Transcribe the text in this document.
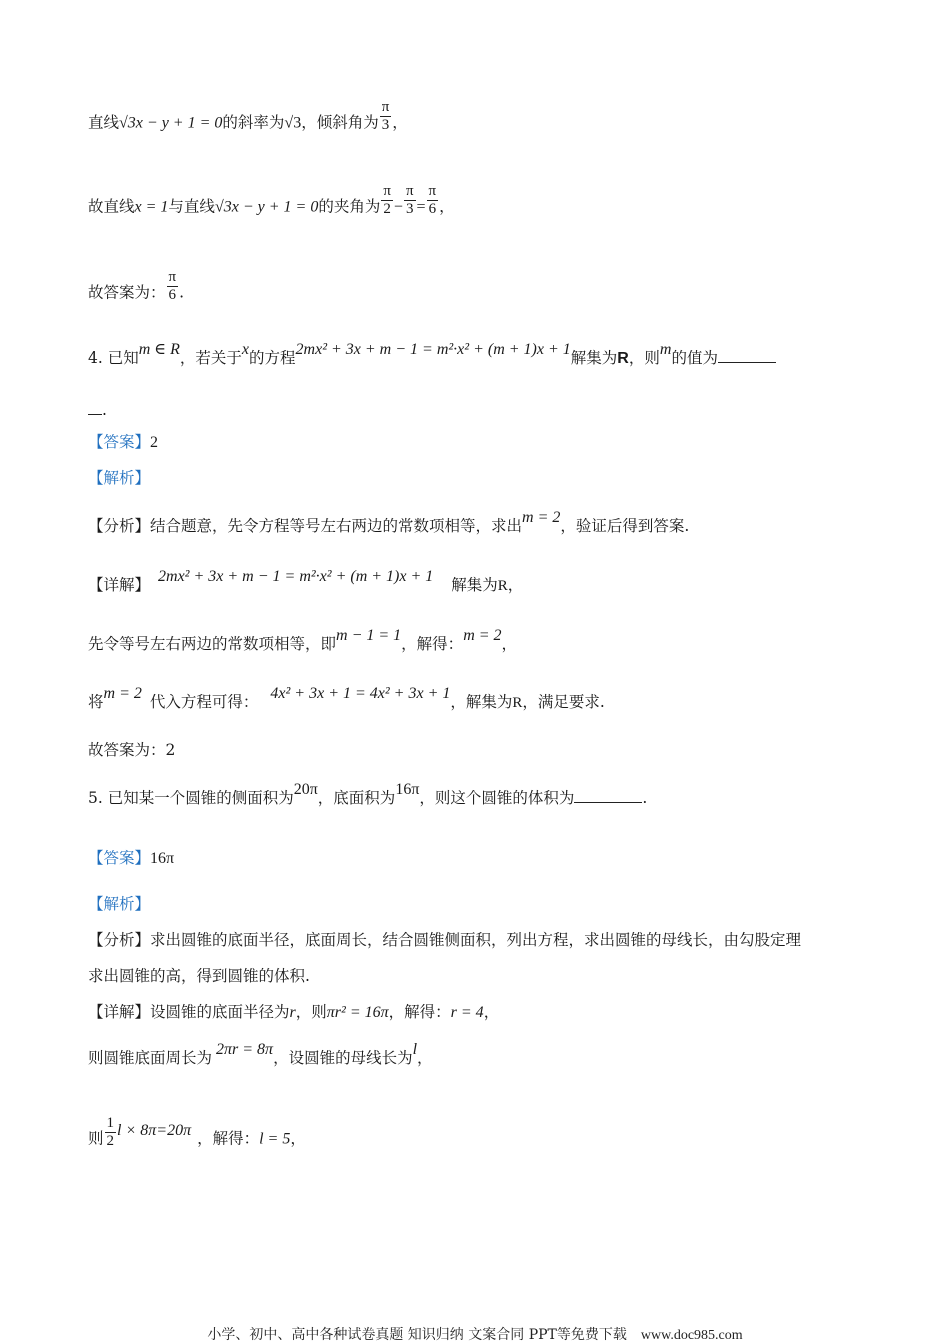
直线√3x − y + 1 = 0的斜率为√3，倾斜角为 $\frac{\pi}{3}$ ，
故直线x = 1与直线√3x − y + 1 = 0的夹角为 $\frac{\pi}{2} - \frac{\pi}{3} = \frac{\pi}{6}$ ，
故答案为： $\frac{\pi}{6}$ .
4. 已知m ∈ R，若关于x的方程2mx² + 3x + m − 1 = m²·x² + (m + 1)x + 1解集为R，则m的值为
.
【答案】2
【解析】
【分析】结合题意，先令方程等号左右两边的常数项相等，求出m = 2，验证后得到答案.
【详解】 2mx² + 3x + m − 1 = m²·x² + (m + 1)x + 1 解集为R，
先令等号左右两边的常数项相等，即m − 1 = 1，解得：m = 2，
将m = 2 代入方程可得： 4x² + 3x + 1 = 4x² + 3x + 1，解集为R，满足要求.
故答案为：2
5. 已知某一个圆锥的侧面积为20π，底面积为16π，则这个圆锥的体积为	.
【答案】16π
【解析】
【分析】求出圆锥的底面半径，底面周长，结合圆锥侧面积，列出方程，求出圆锥的母线长，由勾股定理
求出圆锥的高，得到圆锥的体积.
【详解】设圆锥的底面半径为r，则πr² = 16π，解得：r = 4，
则圆锥底面周长为 2πr = 8π，设圆锥的母线长为l，
则 $\frac{1}{2}$ l × 8π=20π ，解得：l = 5，
小学、初中、高中各种试卷真题 知识归纳 文案合同 PPT等免费下载 www.doc985.com
